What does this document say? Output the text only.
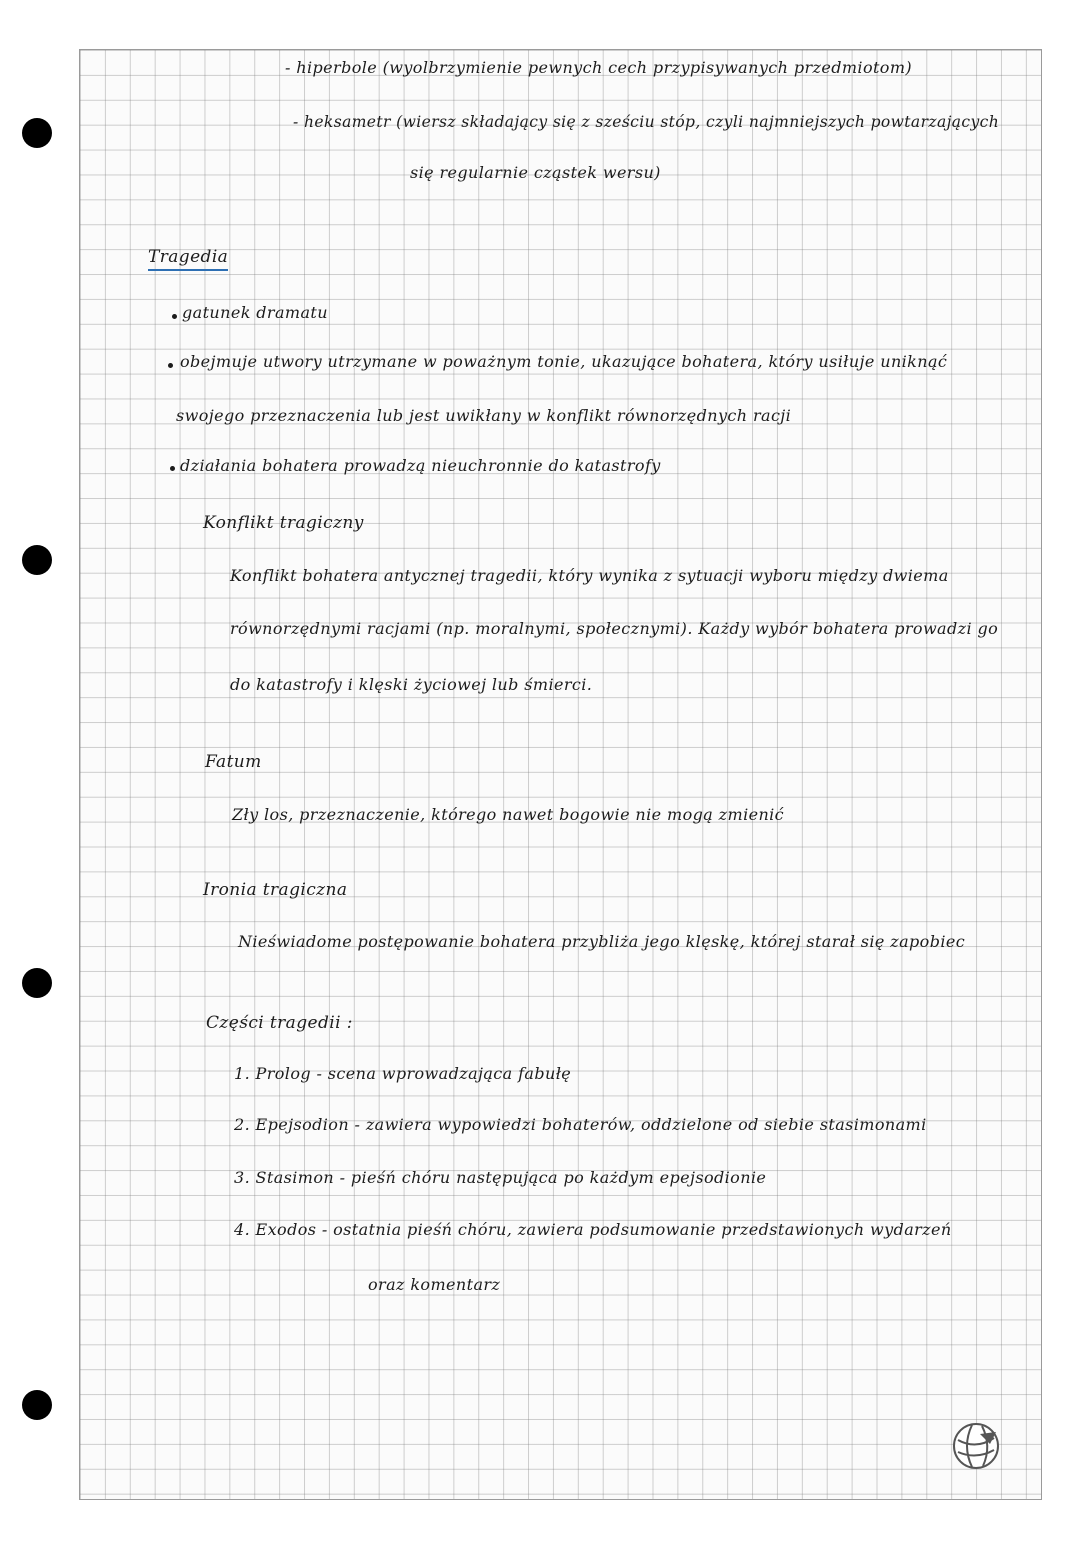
- hiperbole (wyolbrzymienie pewnych cech przypisywanych przedmiotom)
- heksametr (wiersz składający się z sześciu stóp, czyli najmniejszych powtarzających
się regularnie cząstek wersu)
Tragedia
gatunek dramatu
obejmuje utwory utrzymane w poważnym tonie, ukazujące bohatera, który usiłuje uniknąć
swojego przeznaczenia lub jest uwikłany w konflikt równorzędnych racji
działania bohatera prowadzą nieuchronnie do katastrofy
Konflikt tragiczny
Konflikt bohatera antycznej tragedii, który wynika z sytuacji wyboru między dwiema
równorzędnymi racjami (np. moralnymi, społecznymi). Każdy wybór bohatera prowadzi go
do katastrofy i klęski życiowej lub śmierci.
Fatum
Zły los, przeznaczenie, którego nawet bogowie nie mogą zmienić
Ironia tragiczna
Nieświadome postępowanie bohatera przybliża jego klęskę, której starał się zapobiec
Części tragedii :
1. Prolog - scena wprowadzająca fabułę
2. Epejsodion - zawiera wypowiedzi bohaterów, oddzielone od siebie stasimonami
3. Stasimon - pieśń chóru następująca po każdym epejsodionie
4. Exodos - ostatnia pieśń chóru, zawiera podsumowanie przedstawionych wydarzeń
oraz komentarz
